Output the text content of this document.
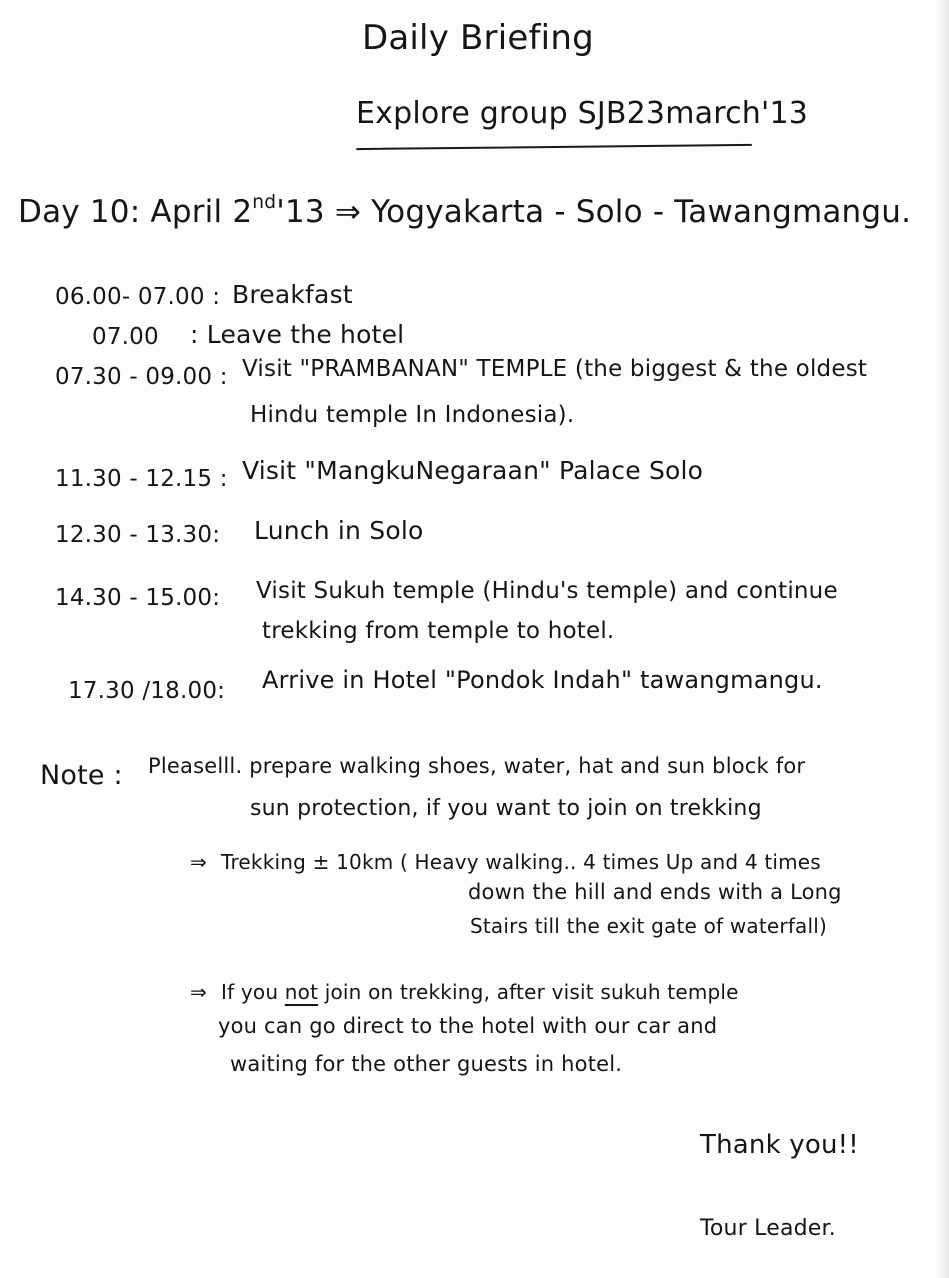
Daily Briefing
Explore group SJB23march'13
Day 10: April 2nd'13 ⇒ Yogyakarta - Solo - Tawangmangu.
06.00- 07.00 : Breakfast
07.00 : Leave the hotel
07.30 - 09.00 : Visit "PRAMBANAN" TEMPLE (the biggest & the oldest
Hindu temple In Indonesia).
11.30 - 12.15 : Visit "MangkuNegaraan" Palace Solo
12.30 - 13.30: Lunch in Solo
14.30 - 15.00: Visit Sukuh temple (Hindu's temple) and continue
trekking from temple to hotel.
17.30 /18.00: Arrive in Hotel "Pondok Indah" tawangmangu.
Note : Pleaselll. prepare walking shoes, water, hat and sun block for
sun protection, if you want to join on trekking
⇒ Trekking ± 10km ( Heavy walking.. 4 times Up and 4 times
down the hill and ends with a Long
Stairs till the exit gate of waterfall)
⇒ If you not join on trekking, after visit sukuh temple
you can go direct to the hotel with our car and
waiting for the other guests in hotel.
Thank you!!
Tour Leader.
